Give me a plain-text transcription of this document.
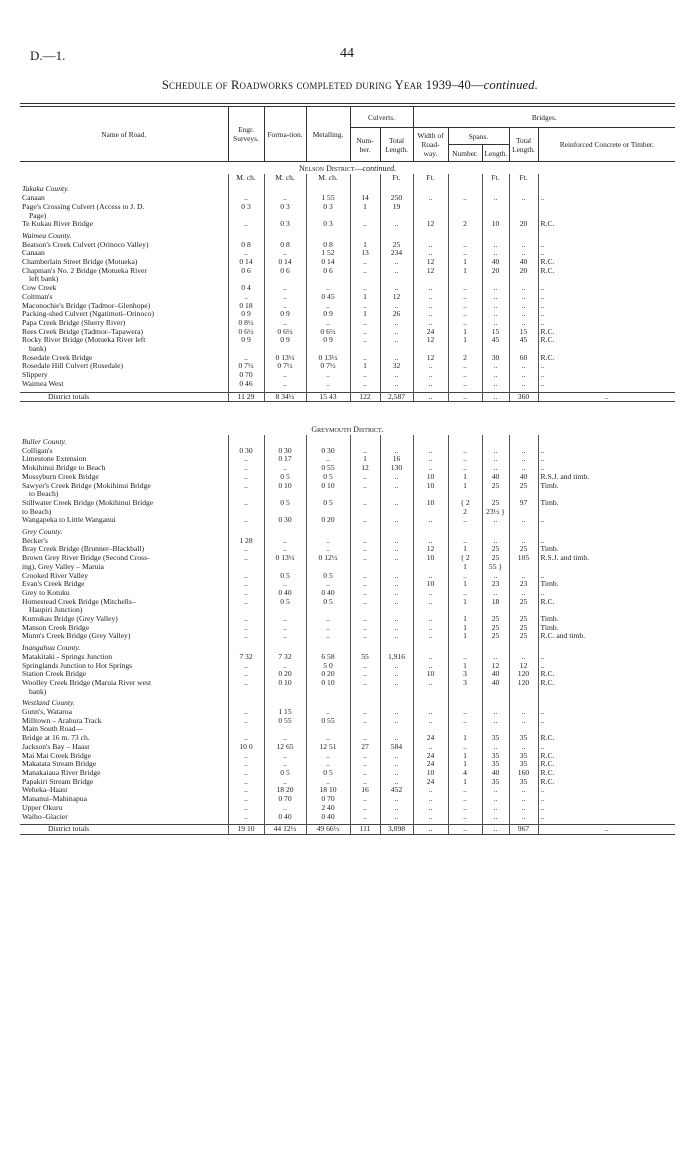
D.—1.	44
Schedule of Roadworks completed during Year 1939–40—continued.
Name of Road.	Engr. Surveys.	Forma-tion.	Metalling.	Culverts.		Bridges.				
				Num-ber.	Total Length.	Width of Road-way.	Spans.		Total Length.	Reinforced Concrete or Timber.
							Number.	Length.		

Nelson District—continued.										
	M. ch.	M. ch.	M. ch.		Ft.	Ft.		Ft.	Ft.	

Takaka County.										
Canaan	..	..	1 55	14	250	..	..	..	..	..
Page's Crossing Culvert (Access to J. D.	0 3	0 3	0 3	1	19					
Page)										
Te Kukau River Bridge	..	0 3	0 3	..	..	12	2	10	20	R.C.

Waimea County.										
Beatson's Creek Culvert (Orinoco Valley)	0 8	0 8	0 8	1	25	..	..	..	..	..
Canaan	..	..	1 52	13	234	..	..	..	..	..
Chamberlain Street Bridge (Motueka)	0 14	0 14	0 14	..	..	12	1	40	40	R.C.
Chapman's No. 2 Bridge (Motueka River	0 6	0 6	0 6	..	..	12	1	20	20	R.C.
left bank)										
Cow Creek	0 4	..	..	..	..	..	..	..	..	..
Coltman's	..	..	0 45	1	12	..	..	..	..	..
Maconochie's Bridge (Tadmor–Glenhope)	0 18	..	..	..	..	..	..	..	..	..
Packing-shed Culvert (Ngatimoti–Orinoco)	0 9	0 9	0 9	1	26	..	..	..	..	..
Papa Creek Bridge (Sherry River)	0 8½	..	..	..	..	..	..	..	..	..
Rees Creek Bridge (Tadmor–Tapawera)	0 6½	0 6½	0 6½	..	..	24	1	15	15	R.C.
Rocky River Bridge (Motueka River left	0 9	0 9	0 9	..	..	12	1	45	45	R.C.
bank)										
Rosedale Creek Bridge	..	0 13½	0 13½	..	..	12	2	30	60	R.C.
Rosedale Hill Culvert (Rosedale)	0 7½	0 7½	0 7½	1	32	..	..	..	..	..
Slippery	0 70	..	..	..	..	..	..	..	..	..
Waimea West	0 46	..	..	..	..	..	..	..	..	..

District totals	11 29	8 34½	15 43	122	2,587	..	..	..	360	..

Greymouth District.										

Buller County.										
Colligan's	0 30	0 30	0 30	..	..	..	..	..	..	..
Limestone Extension	..	0 17	..	1	16	..	..	..	..	..
Mokihinui Bridge to Beach	..	..	0 55	12	130	..	..	..	..	..
Mossyburn Creek Bridge	..	0 5	0 5	..	..	10	1	40	40	R.S.J. and timb.
Sawyer's Creek Bridge (Mokihinui Bridge	..	0 10	0 10	..	..	10	1	25	25	Timb.
to Beach)										
Stillwater Creek Bridge (Mokihinui Bridge	..	0 5	0 5	..	..	10	{ 2	25	97	Timb.
to Beach)							2	23½ }		
Wangapeka to Little Wanganui	..	0 30	0 20	..	..	..	..	..	..	..

Grey County.										
Becker's	1 28	..	..	..	..	..	..	..	..	..
Bray Creek Bridge (Brunner–Blackball)	..	..	..	..	..	12	1	25	25	Timb.
Brown Grey River Bridge (Second Cross-	..	0 13½	0 12½	..	..	10	{ 2	25	105	R.S.J. and timb.
ing), Grey Valley – Maruia							1	55 }		
Crooked River Valley	..	0 5	0 5	..	..	..	..	..	..	..
Evan's Creek Bridge	..	..	..	..	..	10	1	23	23	Timb.
Grey to Kotuku	..	0 40	0 40	..	..	..	..	..	..	..
Homestead Creek Bridge (Mitchells–	..	0 5	0 5	..	..	..	1	18	25	R.C.
Haupiri Junction)										
Kumukau Bridge (Grey Valley)	..	..	..	..	..	..	1	25	25	Timb.
Manson Creek Bridge	..	..	..	..	..	..	1	25	25	Timb.
Munn's Creek Bridge (Grey Valley)	..	..	..	..	..	..	1	25	25	R.C. and timb.

Inangahua County.										
Matakitaki - Springs Junction	7 32	7 32	6 58	55	1,916	..	..	..	..	..
Springlands Junction to Hot Springs	..	..	5 0	..	..	..	1	12	12	..
Station Creek Bridge	..	0 20	0 20	..	..	10	3	40	120	R.C.
Woolley Creek Bridge (Maruia River west	..	0 10	0 10	..	..	..	3	40	120	R.C.
bank)										

Westland County.										
Gunn's, Wataroa	..	1 15	..	..	..	..	..	..	..	..
Milltown – Arahura Track	..	0 55	0 55	..	..	..	..	..	..	..
Main South Road—										
Bridge at 16 m. 73 ch.	..	..	..	..	..	24	1	35	35	R.C.
Jackson's Bay – Haast	10 0	12 65	12 51	27	584	..	..	..	..	..
Mai Mai Creek Bridge	..	..	..	..	..	24	1	35	35	R.C.
Makatata Stream Bridge	..	..	..	..	..	24	1	35	35	R.C.
Manakaiaua River Bridge	..	0 5	0 5	..	..	10	4	40	160	R.C.
Papakiri Stream Bridge	..	..	..	..	..	24	1	35	35	R.C.
Weheka–Haast	..	18 20	18 10	16	452	..	..	..	..	..
Mananui–Mahinapua	..	0 70	0 70	..	..	..	..	..	..	..
Upper Okuru	..	..	2 40	..	..	..	..	..	..	..
Waiho–Glacier	..	0 40	0 40	..	..	..	..	..	..	..

District totals	19 10	44 12½	49 66½	111	3,098	..	..	..	967	..
